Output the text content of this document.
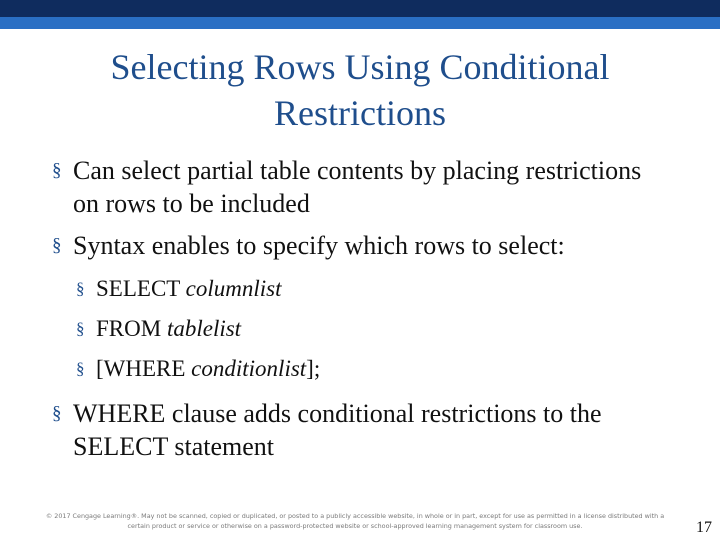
Selecting Rows Using Conditional Restrictions
§ Can select partial table contents by placing restrictions on rows to be included
§ Syntax enables to specify which rows to select:
§ SELECT columnlist
§ FROM tablelist
§ [WHERE conditionlist];
§ WHERE clause adds conditional restrictions to the SELECT statement
© 2017 Cengage Learning®. May not be scanned, copied or duplicated, or posted to a publicly accessible website, in whole or in part, except for use as permitted in a license distributed with a certain product or service or otherwise on a password-protected website or school-approved learning management system for classroom use.	17
